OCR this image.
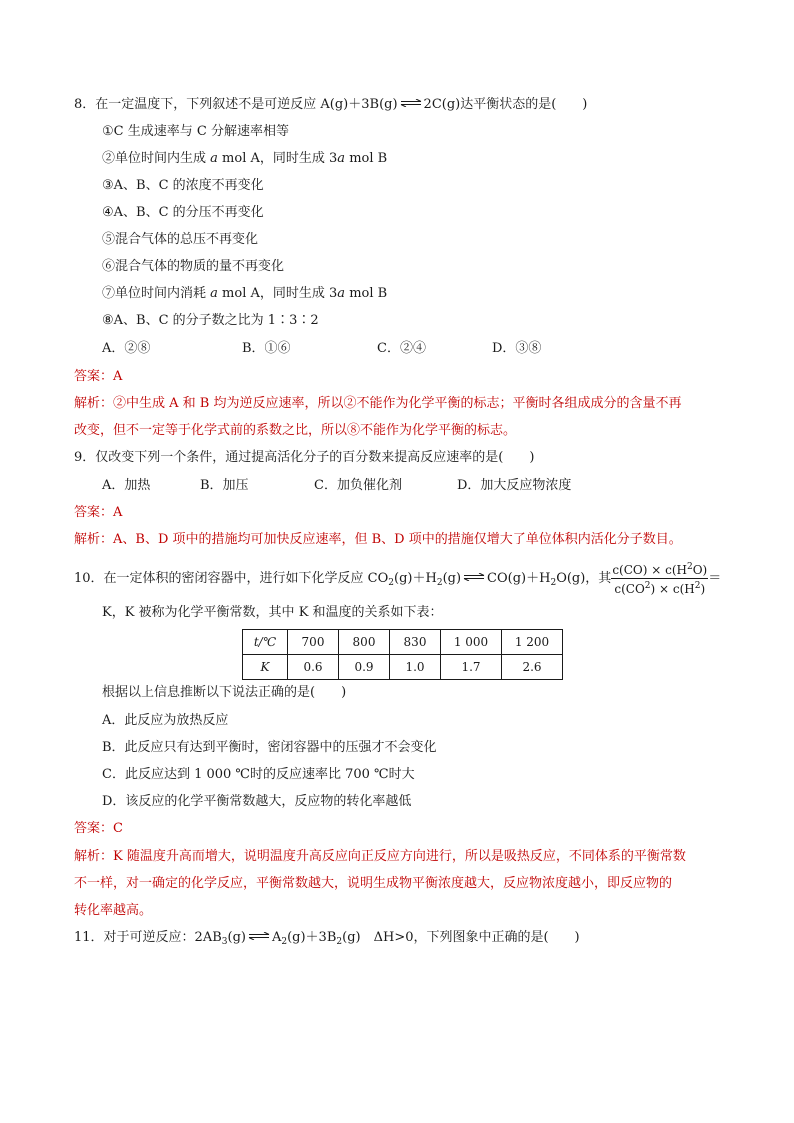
8．在一定温度下，下列叙述不是可逆反应 A(g)＋3B(g) 2C(g)达平衡状态的是(　　)
①C 生成速率与 C 分解速率相等
②单位时间内生成 a mol A，同时生成 3a mol B
③A、B、C 的浓度不再变化
④A、B、C 的分压不再变化
⑤混合气体的总压不再变化
⑥混合气体的物质的量不再变化
⑦单位时间内消耗 a mol A，同时生成 3a mol B
⑧A、B、C 的分子数之比为 1∶3∶2
A．②⑧	B．①⑥	C．②④	D．③⑧
答案：A
解析：②中生成 A 和 B 均为逆反应速率，所以②不能作为化学平衡的标志；平衡时各组成成分的含量不再
改变，但不一定等于化学式前的系数之比，所以⑧不能作为化学平衡的标志。
9．仅改变下列一个条件，通过提高活化分子的百分数来提高反应速率的是(　　)
A．加热	B．加压	C．加负催化剂	D．加大反应物浓度
答案：A
解析：A、B、D 项中的措施均可加快反应速率，但 B、D 项中的措施仅增大了单位体积内活化分子数目。
10．在一定体积的密闭容器中，进行如下化学反应 $CO_2(g)+H_2(g)$ $CO(g)+H_2O(g)$，其 $\frac{c(CO) \times c(H^2O)}{c(CO^2) \times c(H^2)}$ ＝
K，K 被称为化学平衡常数，其中 K 和温度的关系如下表：
t/℃	700	800	830	1 000	1 200
K	0.6	0.9	1.0	1.7	2.6
根据以上信息推断以下说法正确的是(　　)
A．此反应为放热反应
B．此反应只有达到平衡时，密闭容器中的压强才不会变化
C．此反应达到 1 000 ℃时的反应速率比 700 ℃时大
D．该反应的化学平衡常数越大，反应物的转化率越低
答案：C
解析：K 随温度升高而增大，说明温度升高反应向正反应方向进行，所以是吸热反应，不同体系的平衡常数
不一样，对一确定的化学反应，平衡常数越大，说明生成物平衡浓度越大，反应物浓度越小，即反应物的
转化率越高。
11．对于可逆反应：$2AB_3(g)$ $A_2(g)+3B_2(g)$　ΔH>0，下列图象中正确的是(　　)
